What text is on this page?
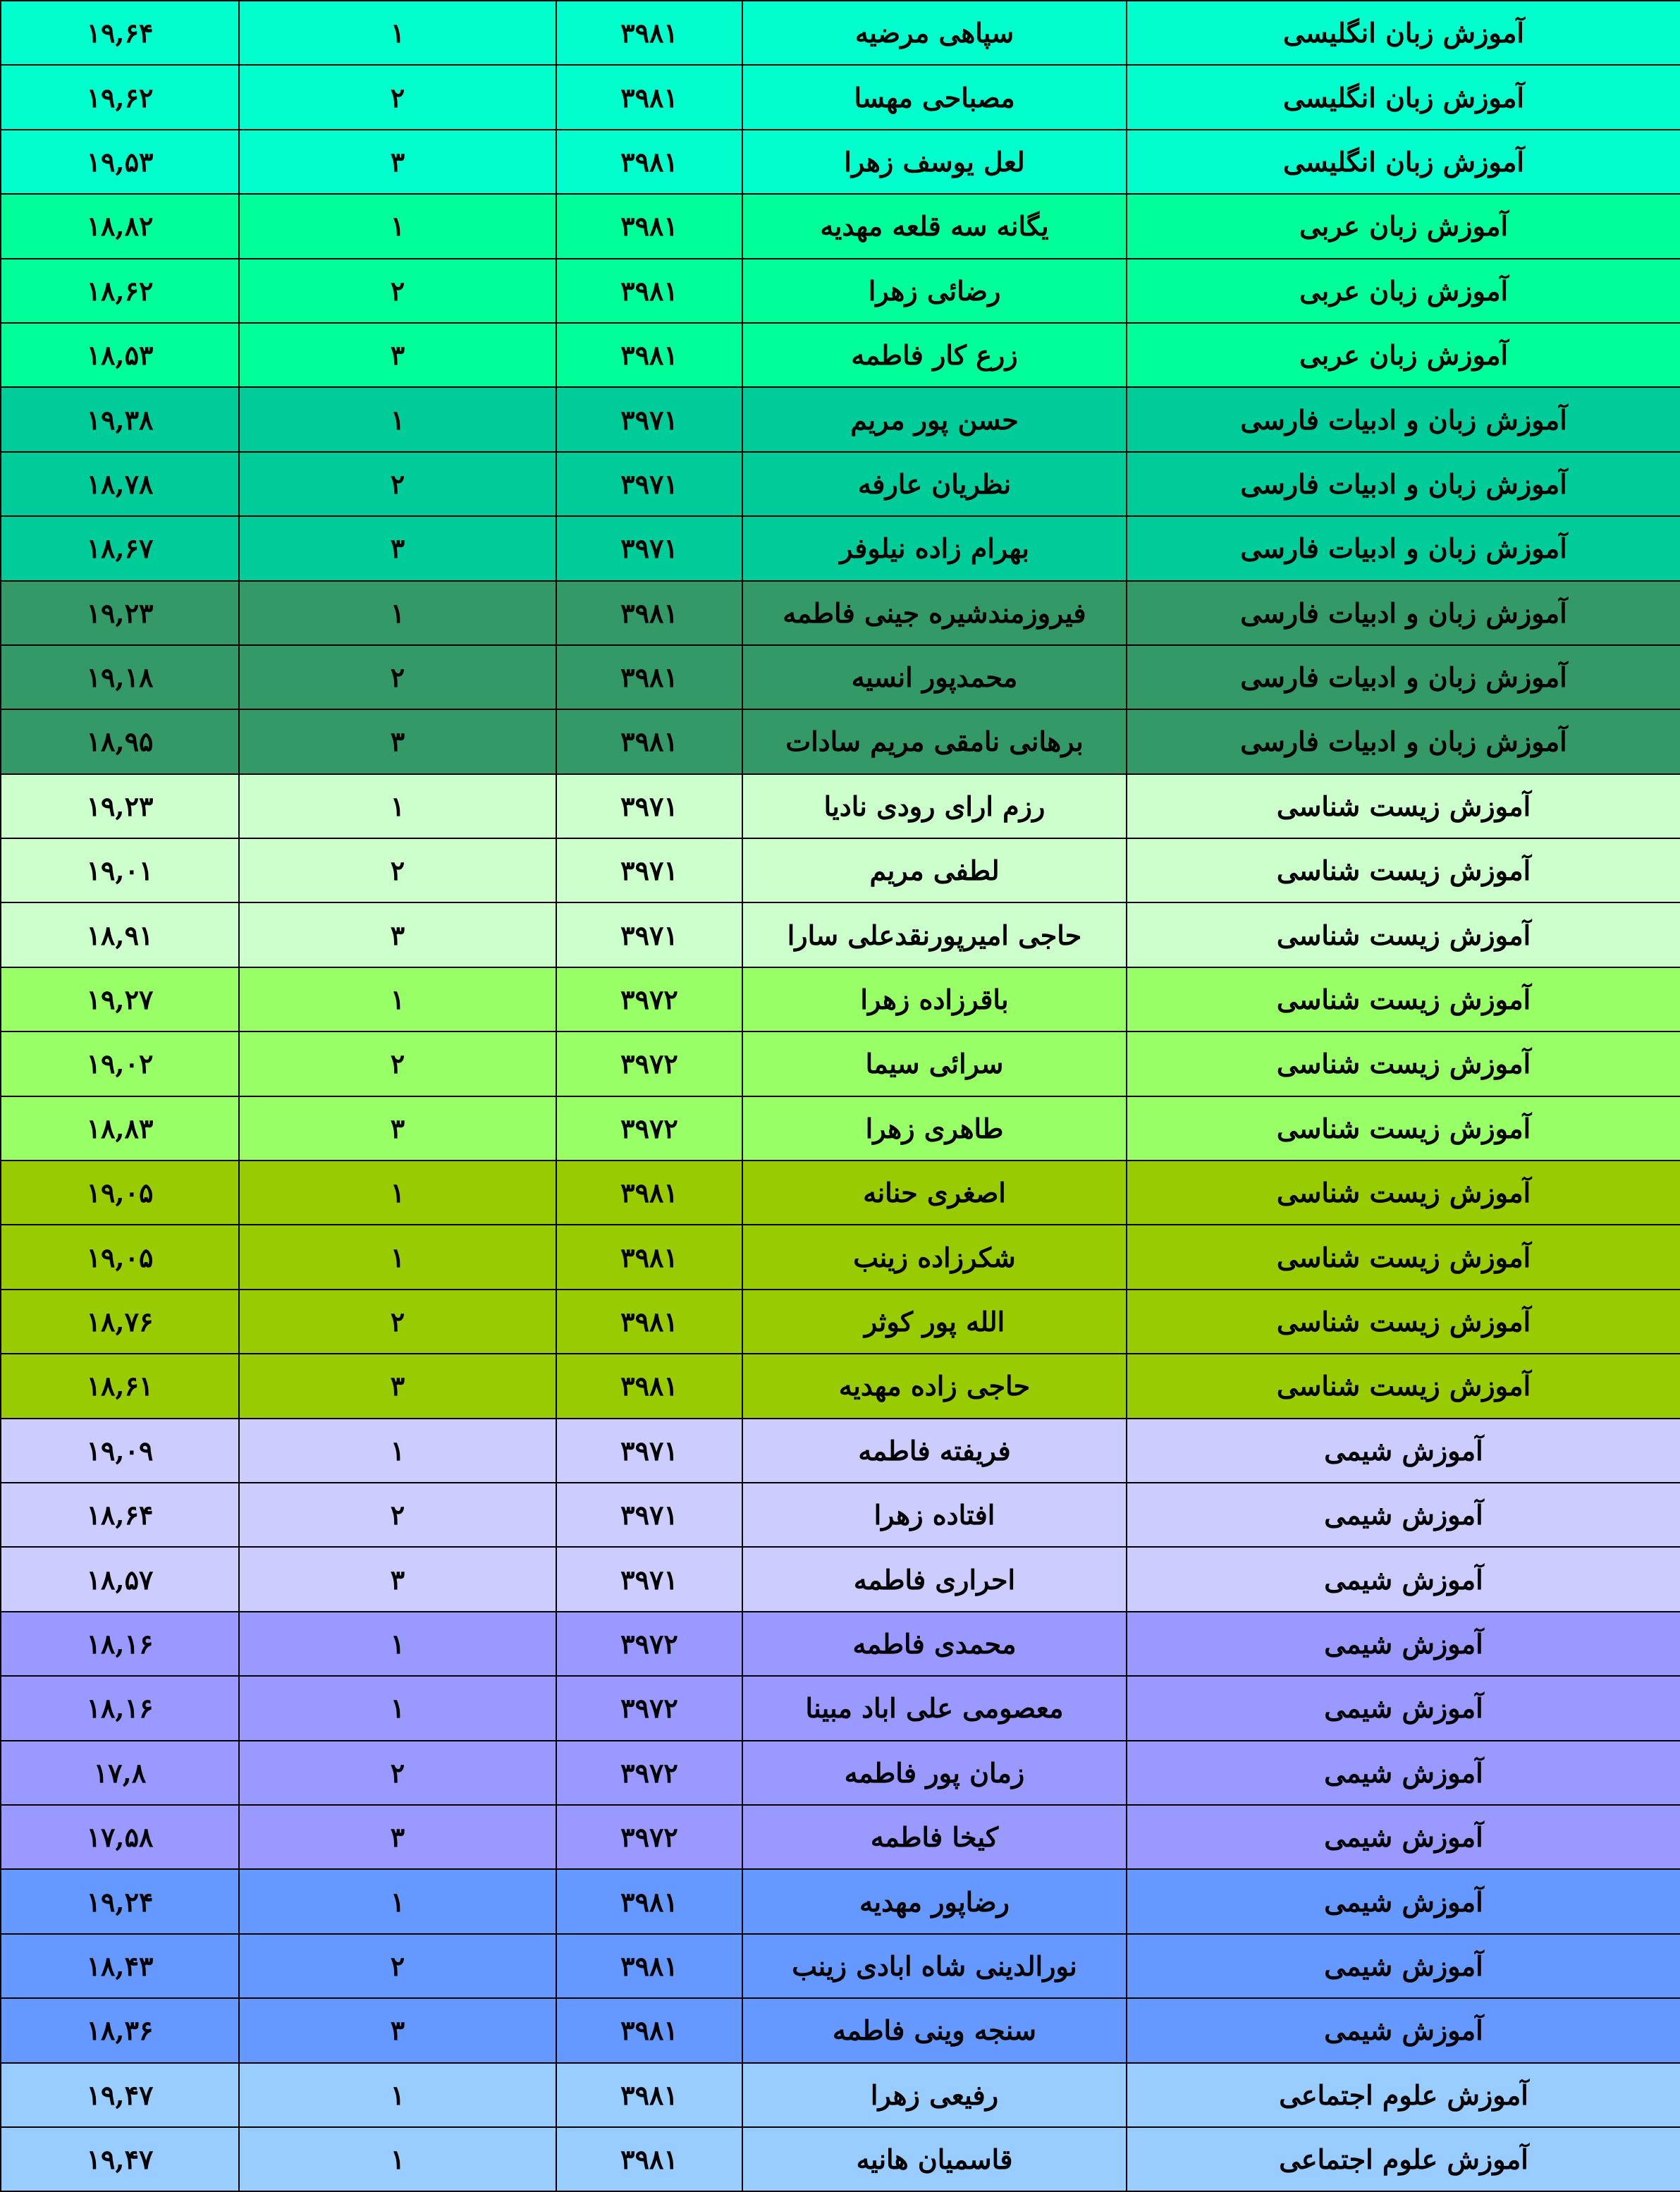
۱۹,۶۴	۱	۳۹۸۱	سپاهی مرضیه	آموزش زبان انگلیسی
۱۹,۶۲	۲	۳۹۸۱	مصباحی مهسا	آموزش زبان انگلیسی
۱۹,۵۳	۳	۳۹۸۱	لعل یوسف زهرا	آموزش زبان انگلیسی
۱۸,۸۲	۱	۳۹۸۱	یگانه سه قلعه مهدیه	آموزش زبان عربی
۱۸,۶۲	۲	۳۹۸۱	رضائی زهرا	آموزش زبان عربی
۱۸,۵۳	۳	۳۹۸۱	زرع کار فاطمه	آموزش زبان عربی
۱۹,۳۸	۱	۳۹۷۱	حسن پور مریم	آموزش زبان و ادبیات فارسی
۱۸,۷۸	۲	۳۹۷۱	نظریان عارفه	آموزش زبان و ادبیات فارسی
۱۸,۶۷	۳	۳۹۷۱	بهرام زاده نیلوفر	آموزش زبان و ادبیات فارسی
۱۹,۲۳	۱	۳۹۸۱	فیروزمندشیره جینی فاطمه	آموزش زبان و ادبیات فارسی
۱۹,۱۸	۲	۳۹۸۱	محمدپور انسیه	آموزش زبان و ادبیات فارسی
۱۸,۹۵	۳	۳۹۸۱	برهانی نامقی مریم سادات	آموزش زبان و ادبیات فارسی
۱۹,۲۳	۱	۳۹۷۱	رزم ارای رودی نادیا	آموزش زیست شناسی
۱۹,۰۱	۲	۳۹۷۱	لطفی مریم	آموزش زیست شناسی
۱۸,۹۱	۳	۳۹۷۱	حاجی امیرپورنقدعلی سارا	آموزش زیست شناسی
۱۹,۲۷	۱	۳۹۷۲	باقرزاده زهرا	آموزش زیست شناسی
۱۹,۰۲	۲	۳۹۷۲	سرائی سیما	آموزش زیست شناسی
۱۸,۸۳	۳	۳۹۷۲	طاهری زهرا	آموزش زیست شناسی
۱۹,۰۵	۱	۳۹۸۱	اصغری حنانه	آموزش زیست شناسی
۱۹,۰۵	۱	۳۹۸۱	شکرزاده زینب	آموزش زیست شناسی
۱۸,۷۶	۲	۳۹۸۱	الله پور کوثر	آموزش زیست شناسی
۱۸,۶۱	۳	۳۹۸۱	حاجی زاده مهدیه	آموزش زیست شناسی
۱۹,۰۹	۱	۳۹۷۱	فریفته فاطمه	آموزش شیمی
۱۸,۶۴	۲	۳۹۷۱	افتاده زهرا	آموزش شیمی
۱۸,۵۷	۳	۳۹۷۱	احراری فاطمه	آموزش شیمی
۱۸,۱۶	۱	۳۹۷۲	محمدی فاطمه	آموزش شیمی
۱۸,۱۶	۱	۳۹۷۲	معصومی علی اباد مبینا	آموزش شیمی
۱۷,۸	۲	۳۹۷۲	زمان پور فاطمه	آموزش شیمی
۱۷,۵۸	۳	۳۹۷۲	کیخا فاطمه	آموزش شیمی
۱۹,۲۴	۱	۳۹۸۱	رضاپور مهدیه	آموزش شیمی
۱۸,۴۳	۲	۳۹۸۱	نورالدینی شاه ابادی زینب	آموزش شیمی
۱۸,۳۶	۳	۳۹۸۱	سنجه وینی فاطمه	آموزش شیمی
۱۹,۴۷	۱	۳۹۸۱	رفیعی زهرا	آموزش علوم اجتماعی
۱۹,۴۷	۱	۳۹۸۱	قاسمیان هانیه	آموزش علوم اجتماعی
